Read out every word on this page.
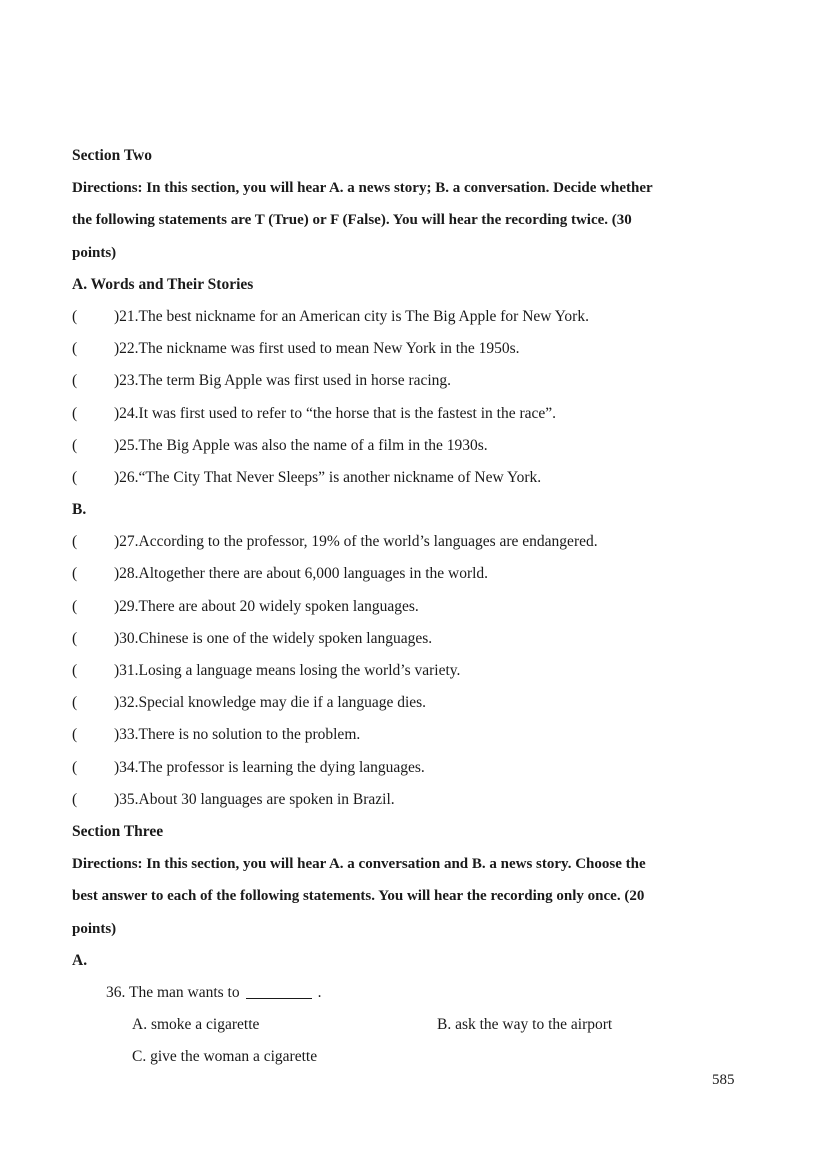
Section Two
Directions: In this section, you will hear A. a news story; B. a conversation. Decide whether
the following statements are T (True) or F (False). You will hear the recording twice. (30
points)
A. Words and Their Stories
(	)21. The best nickname for an American city is The Big Apple for New York.
(	)22. The nickname was first used to mean New York in the 1950s.
(	)23. The term Big Apple was first used in horse racing.
(	)24. It was first used to refer to “the horse that is the fastest in the race”.
(	)25. The Big Apple was also the name of a film in the 1930s.
(	)26. “The City That Never Sleeps” is another nickname of New York.
B.
(	)27. According to the professor, 19% of the world’s languages are endangered.
(	)28. Altogether there are about 6,000 languages in the world.
(	)29. There are about 20 widely spoken languages.
(	)30. Chinese is one of the widely spoken languages.
(	)31. Losing a language means losing the world’s variety.
(	)32. Special knowledge may die if a language dies.
(	)33. There is no solution to the problem.
(	)34. The professor is learning the dying languages.
(	)35. About 30 languages are spoken in Brazil.
Section Three
Directions: In this section, you will hear A. a conversation and B. a news story. Choose the
best answer to each of the following statements. You will hear the recording only once. (20
points)
A.
36. The man wants to	.
A. smoke a cigarette	B. ask the way to the airport
C. give the woman a cigarette
585
